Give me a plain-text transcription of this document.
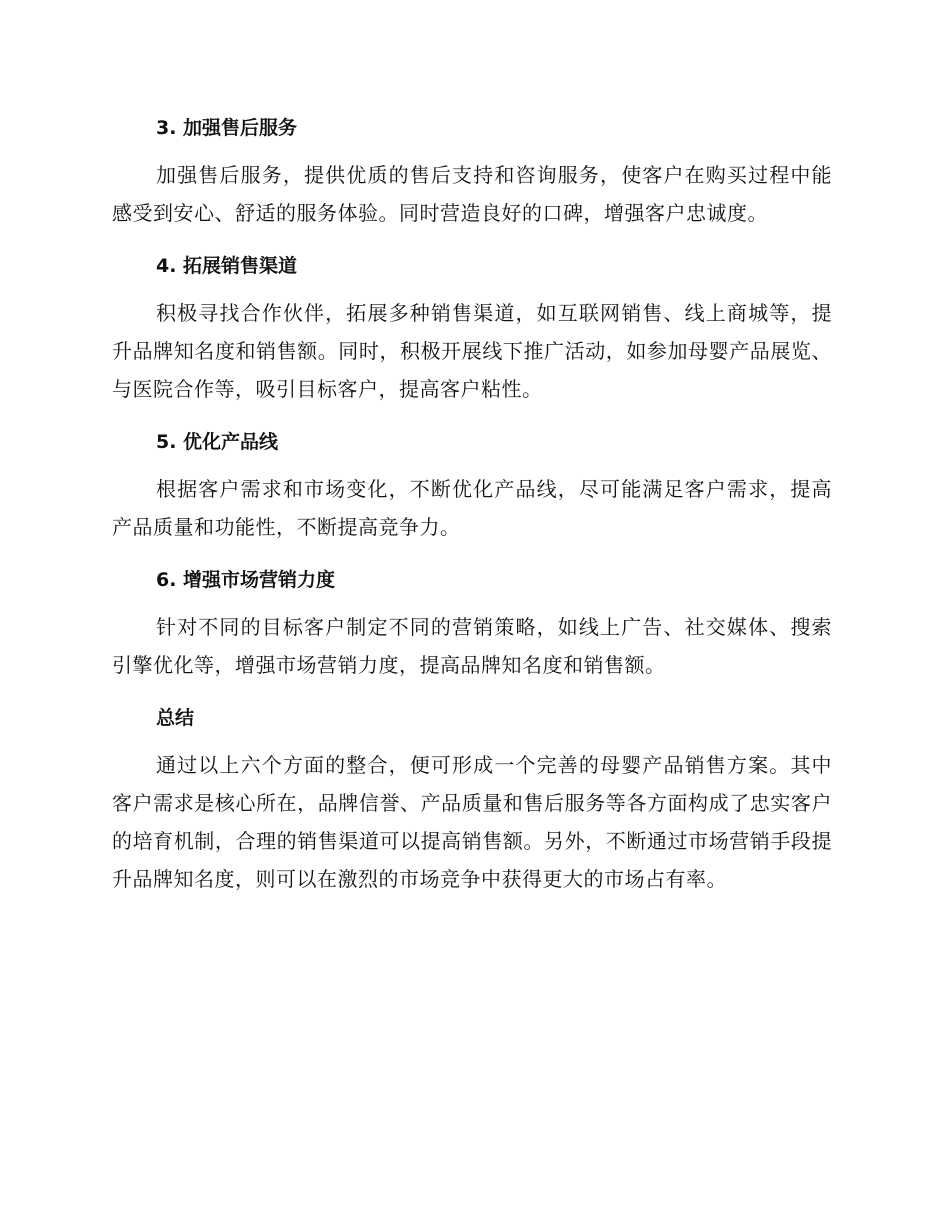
3. 加强售后服务

加强售后服务，提供优质的售后支持和咨询服务，使客户在购买过程中能感受到安心、舒适的服务体验。同时营造良好的口碑，增强客户忠诚度。

4. 拓展销售渠道

积极寻找合作伙伴，拓展多种销售渠道，如互联网销售、线上商城等，提升品牌知名度和销售额。同时，积极开展线下推广活动，如参加母婴产品展览、与医院合作等，吸引目标客户，提高客户粘性。

5. 优化产品线

根据客户需求和市场变化，不断优化产品线，尽可能满足客户需求，提高产品质量和功能性，不断提高竞争力。

6. 增强市场营销力度

针对不同的目标客户制定不同的营销策略，如线上广告、社交媒体、搜索引擎优化等，增强市场营销力度，提高品牌知名度和销售额。

总结

通过以上六个方面的整合，便可形成一个完善的母婴产品销售方案。其中客户需求是核心所在，品牌信誉、产品质量和售后服务等各方面构成了忠实客户的培育机制，合理的销售渠道可以提高销售额。另外，不断通过市场营销手段提升品牌知名度，则可以在激烈的市场竞争中获得更大的市场占有率。
